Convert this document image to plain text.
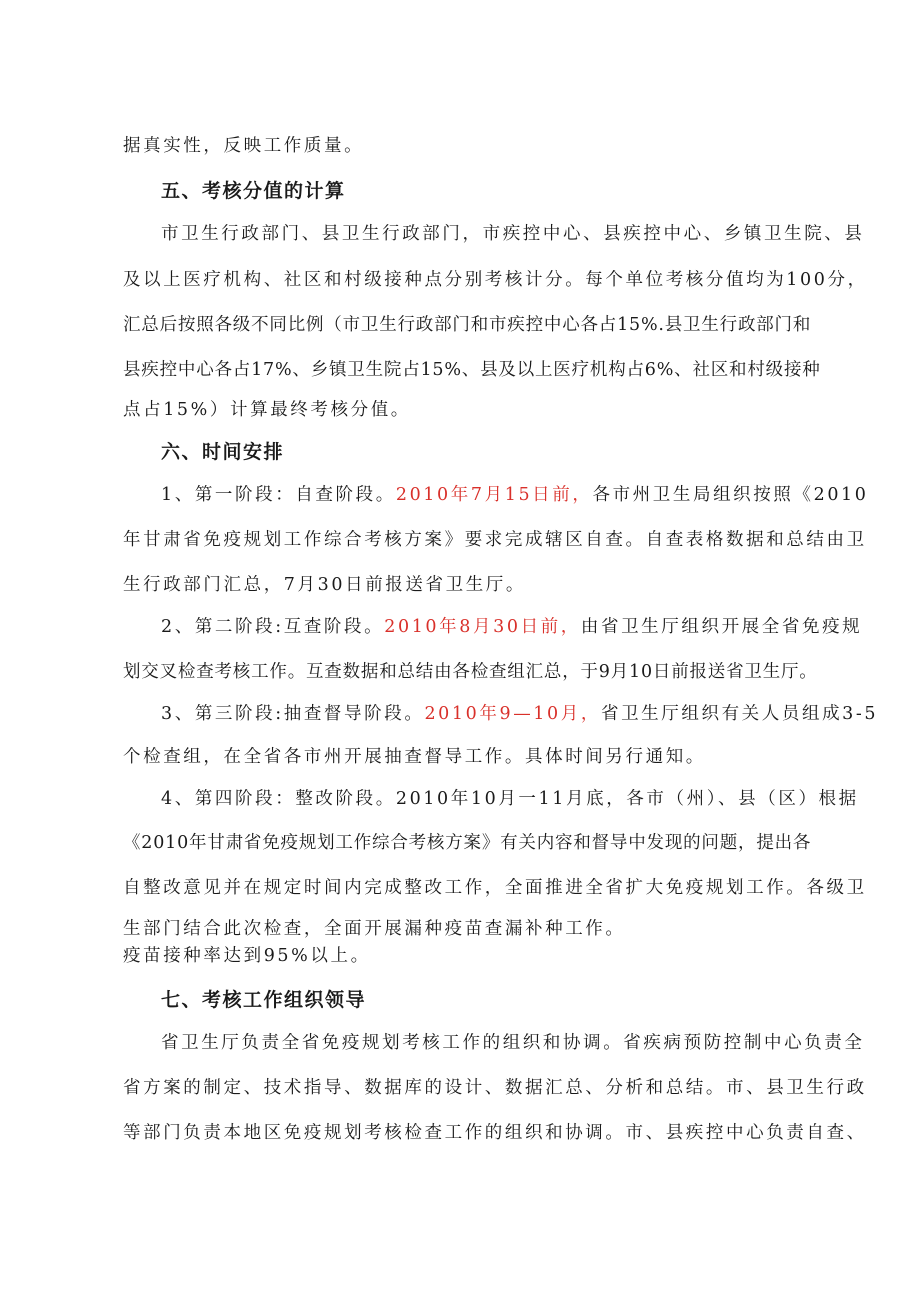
据真实性，反映工作质量。
五、考核分值的计算
市卫生行政部门、县卫生行政部门，市疾控中心、县疾控中心、乡镇卫生院、县
及以上医疗机构、社区和村级接种点分别考核计分。每个单位考核分值均为100分，
汇总后按照各级不同比例（市卫生行政部门和市疾控中心各占15%.县卫生行政部门和
县疾控中心各占17%、乡镇卫生院占15%、县及以上医疗机构占6%、社区和村级接种
点占15%）计算最终考核分值。
六、时间安排
1、第一阶段：自查阶段。2010年7月15日前，各市州卫生局组织按照《2010
年甘肃省免疫规划工作综合考核方案》要求完成辖区自查。自查表格数据和总结由卫
生行政部门汇总，7月30日前报送省卫生厅。
2、第二阶段:互查阶段。2010年8月30日前，由省卫生厅组织开展全省免疫规
划交叉检查考核工作。互查数据和总结由各检查组汇总，于9月10日前报送省卫生厅。
3、第三阶段:抽查督导阶段。2010年9—10月，省卫生厅组织有关人员组成3-5
个检查组，在全省各市州开展抽查督导工作。具体时间另行通知。
4、第四阶段：整改阶段。2010年10月一11月底，各市（州）、县（区）根据
《2010年甘肃省免疫规划工作综合考核方案》有关内容和督导中发现的问题，提出各
自整改意见并在规定时间内完成整改工作，全面推进全省扩大免疫规划工作。各级卫
生部门结合此次检查，全面开展漏种疫苗查漏补种工作。
疫苗接种率达到95%以上。
七、考核工作组织领导
省卫生厅负责全省免疫规划考核工作的组织和协调。省疾病预防控制中心负责全
省方案的制定、技术指导、数据库的设计、数据汇总、分析和总结。市、县卫生行政
等部门负责本地区免疫规划考核检查工作的组织和协调。市、县疾控中心负责自查、
